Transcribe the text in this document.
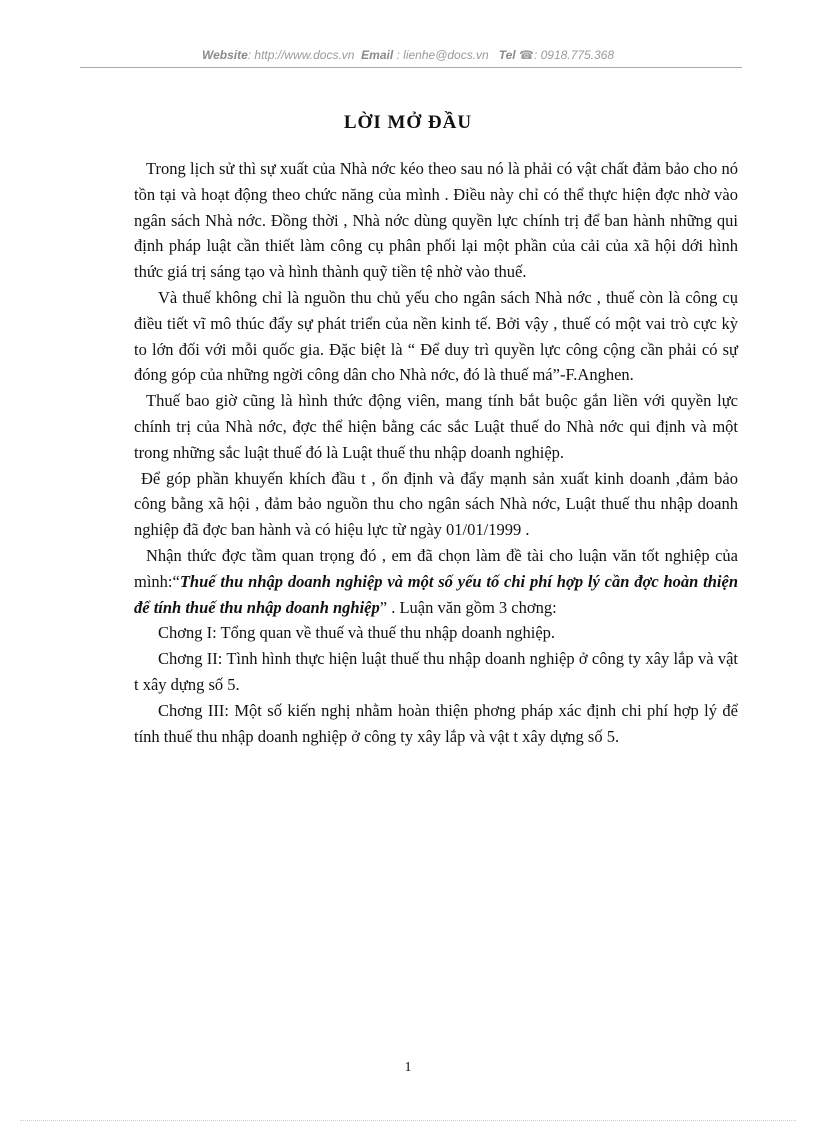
Website: http://www.docs.vn Email : lienhe@docs.vn Tel ☎: 0918.775.368
LỜI MỞ ĐẦU

Trong lịch sử thì sự xuất của Nhà nớc kéo theo sau nó là phải có vật chất đảm bảo cho nó tồn tại và hoạt động theo chức năng của mình . Điều này chỉ có thể thực hiện đợc nhờ vào ngân sách Nhà nớc. Đồng thời , Nhà nớc dùng quyền lực chính trị để ban hành những qui định pháp luật cần thiết làm công cụ phân phối lại một phần của cải của xã hội dới hình thức giá trị sáng tạo và hình thành quỹ tiền tệ nhờ vào thuế.

Và thuế không chỉ là nguồn thu chủ yếu cho ngân sách Nhà nớc , thuế còn là công cụ điều tiết vĩ mô thúc đẩy sự phát triển của nền kinh tế. Bởi vậy , thuế có một vai trò cực kỳ to lớn đối với mỗi quốc gia. Đặc biệt là “ Để duy trì quyền lực công cộng cần phải có sự đóng góp của những ngời công dân cho Nhà nớc, đó là thuế má”-F.Anghen.

Thuế bao giờ cũng là hình thức động viên, mang tính bắt buộc gắn liền với quyền lực chính trị của Nhà nớc, đợc thể hiện bằng các sắc Luật thuế do Nhà nớc qui định và một trong những sắc luật thuế đó là Luật thuế thu nhập doanh nghiệp.

Để góp phần khuyến khích đầu t , ổn định và đẩy mạnh sản xuất kinh doanh ,đảm bảo công bằng xã hội , đảm bảo nguồn thu cho ngân sách Nhà nớc, Luật thuế thu nhập doanh nghiệp đã đợc ban hành và có hiệu lực từ ngày 01/01/1999 .

Nhận thức đợc tầm quan trọng đó , em đã chọn làm đề tài cho luận văn tốt nghiệp của mình:“Thuế thu nhập doanh nghiệp và một số yếu tố chi phí hợp lý cần đợc hoàn thiện để tính thuế thu nhập doanh nghiệp” . Luận văn gồm 3 chơng:

Chơng I: Tổng quan về thuế và thuế thu nhập doanh nghiệp.

Chơng II: Tình hình thực hiện luật thuế thu nhập doanh nghiệp ở công ty xây lắp và vật t xây dựng số 5.

Chơng III: Một số kiến nghị nhằm hoàn thiện phơng pháp xác định chi phí hợp lý để tính thuế thu nhập doanh nghiệp ở công ty xây lắp và vật t xây dựng số 5.

1
